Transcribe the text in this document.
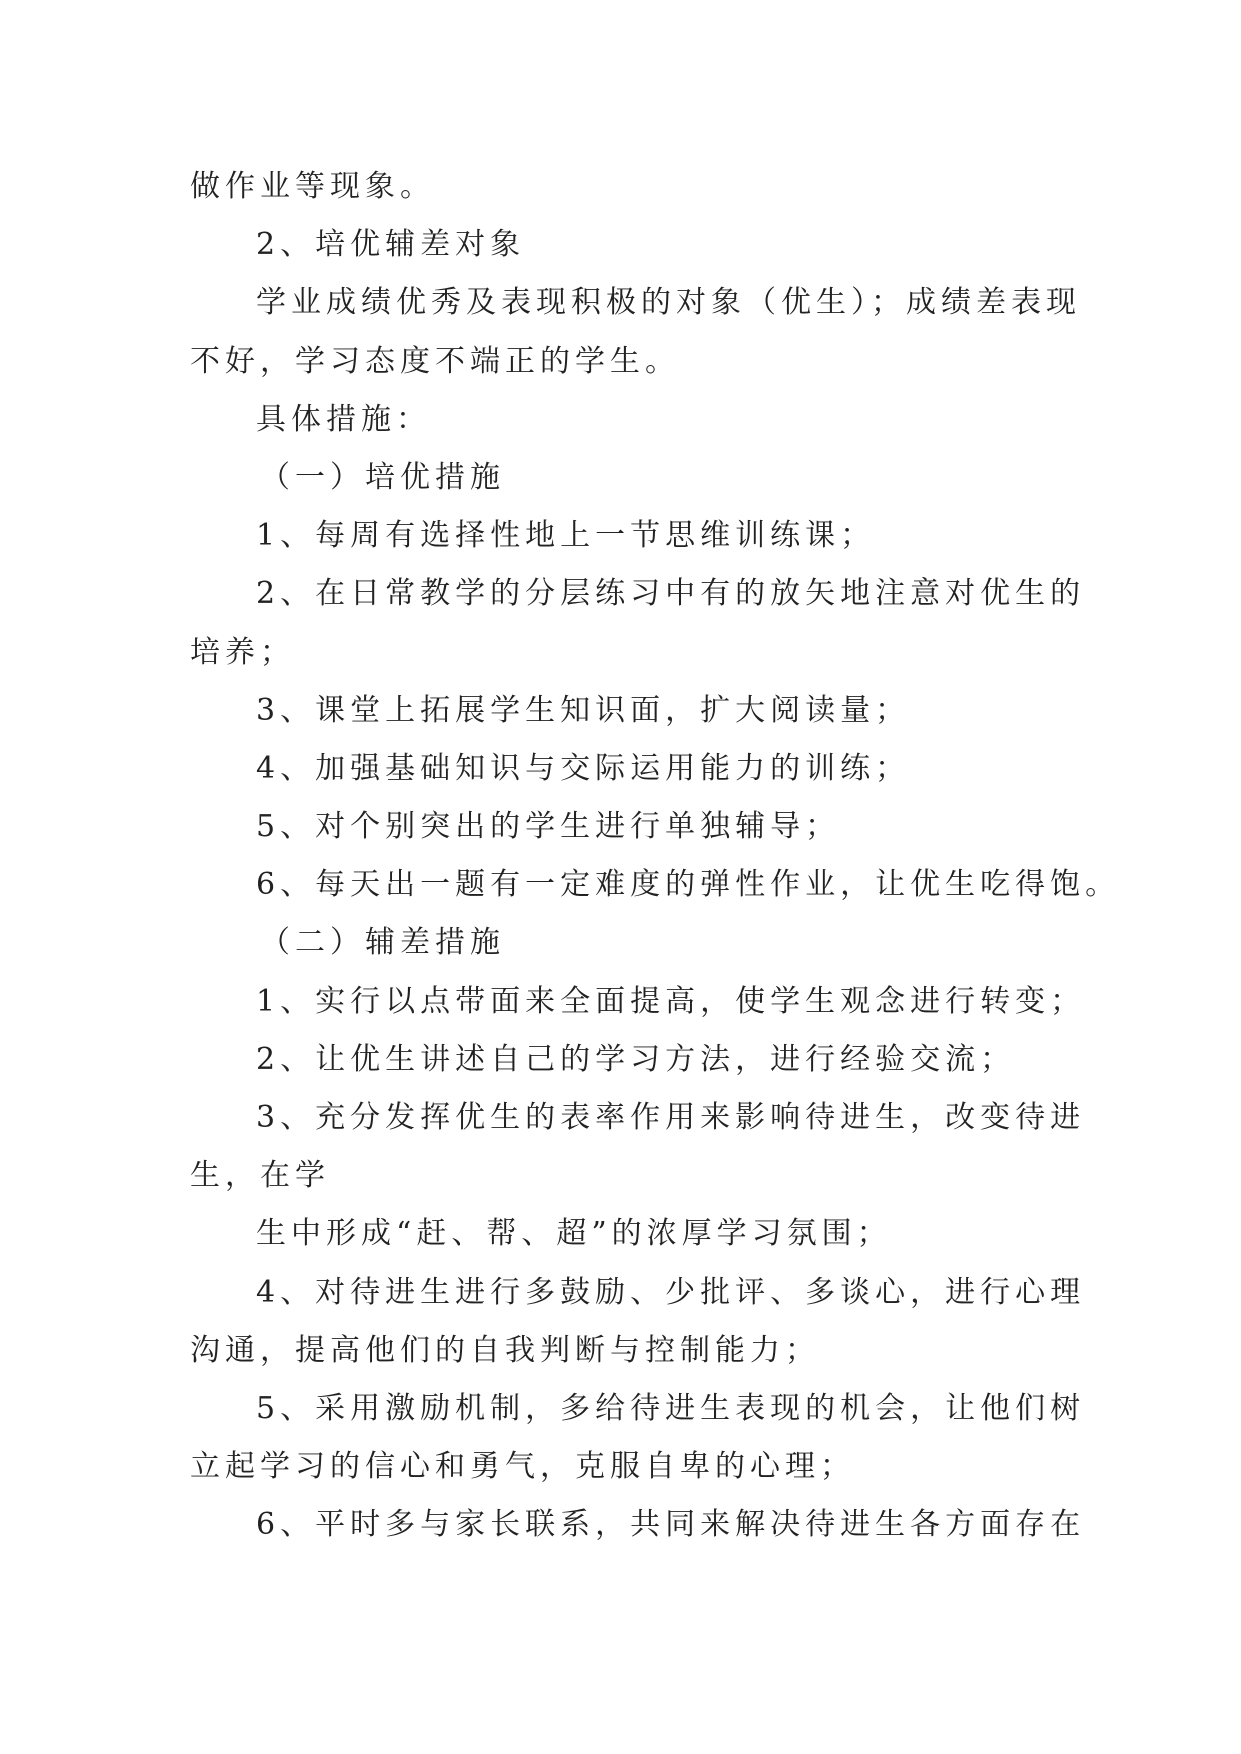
做作业等现象。
2、培优辅差对象
学业成绩优秀及表现积极的对象（优生）；成绩差表现
不好，学习态度不端正的学生。
具体措施：
（一）培优措施
1、每周有选择性地上一节思维训练课；
2、在日常教学的分层练习中有的放矢地注意对优生的
培养；
3、课堂上拓展学生知识面，扩大阅读量；
4、加强基础知识与交际运用能力的训练；
5、对个别突出的学生进行单独辅导；
6、每天出一题有一定难度的弹性作业，让优生吃得饱。
（二）辅差措施
1、实行以点带面来全面提高，使学生观念进行转变；
2、让优生讲述自己的学习方法，进行经验交流；
3、充分发挥优生的表率作用来影响待进生，改变待进
生，在学
生中形成“赶、帮、超”的浓厚学习氛围；
4、对待进生进行多鼓励、少批评、多谈心，进行心理
沟通，提高他们的自我判断与控制能力；
5、采用激励机制，多给待进生表现的机会，让他们树
立起学习的信心和勇气，克服自卑的心理；
6、平时多与家长联系，共同来解决待进生各方面存在
